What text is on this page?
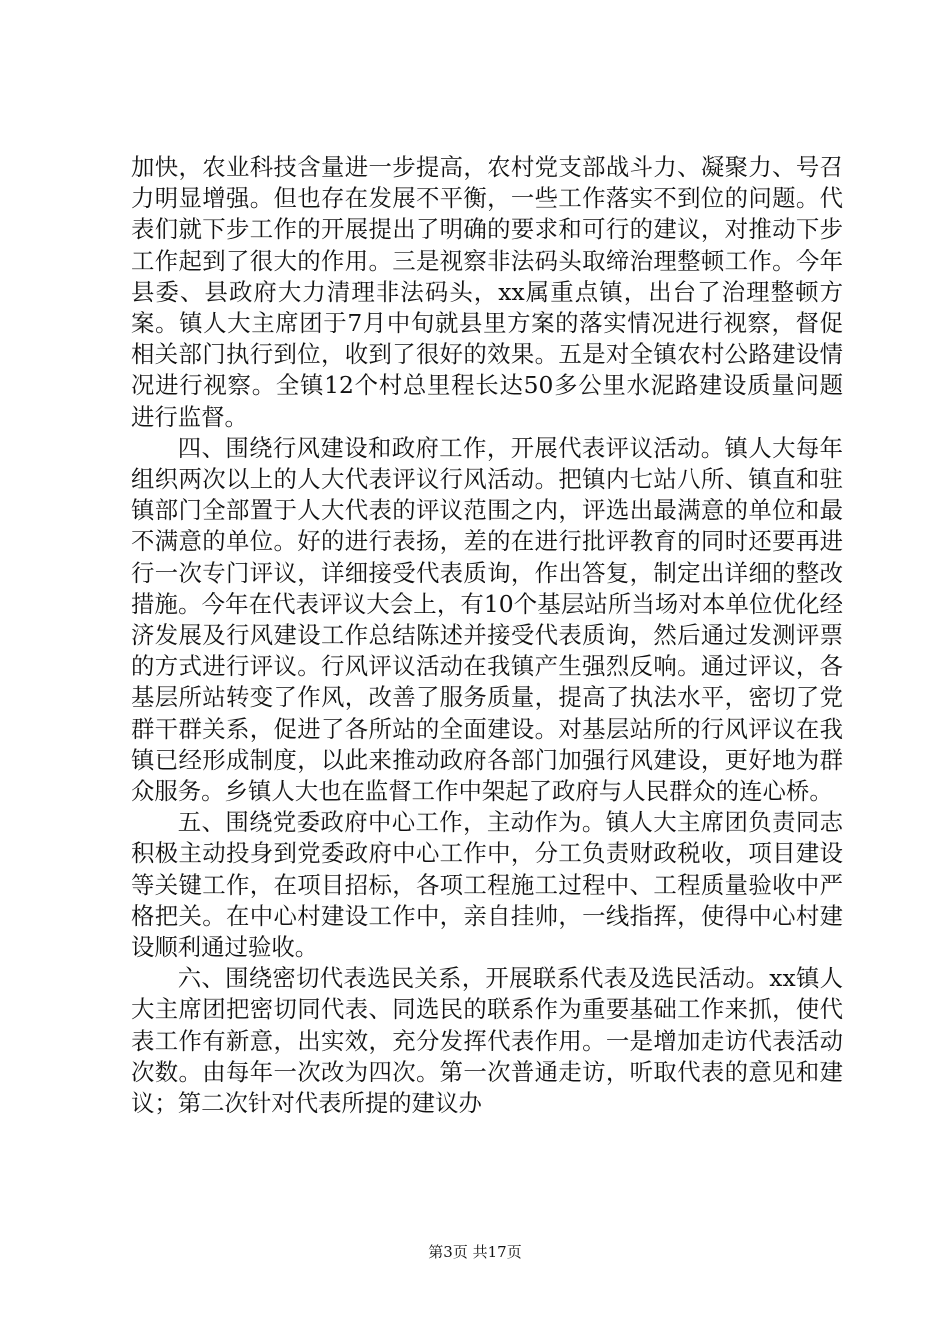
加快，农业科技含量进一步提高，农村党支部战斗力、凝聚力、号召力明显增强。但也存在发展不平衡，一些工作落实不到位的问题。代表们就下步工作的开展提出了明确的要求和可行的建议，对推动下步工作起到了很大的作用。三是视察非法码头取缔治理整顿工作。今年县委、县政府大力清理非法码头，xx属重点镇，出台了治理整顿方案。镇人大主席团于7月中旬就县里方案的落实情况进行视察，督促相关部门执行到位，收到了很好的效果。五是对全镇农村公路建设情况进行视察。全镇12个村总里程长达50多公里水泥路建设质量问题进行监督。

四、围绕行风建设和政府工作，开展代表评议活动。镇人大每年组织两次以上的人大代表评议行风活动。把镇内七站八所、镇直和驻镇部门全部置于人大代表的评议范围之内，评选出最满意的单位和最不满意的单位。好的进行表扬，差的在进行批评教育的同时还要再进行一次专门评议，详细接受代表质询，作出答复，制定出详细的整改措施。今年在代表评议大会上，有10个基层站所当场对本单位优化经济发展及行风建设工作总结陈述并接受代表质询，然后通过发测评票的方式进行评议。行风评议活动在我镇产生强烈反响。通过评议，各基层所站转变了作风，改善了服务质量，提高了执法水平，密切了党群干群关系，促进了各所站的全面建设。对基层站所的行风评议在我镇已经形成制度，以此来推动政府各部门加强行风建设，更好地为群众服务。乡镇人大也在监督工作中架起了政府与人民群众的连心桥。

五、围绕党委政府中心工作，主动作为。镇人大主席团负责同志积极主动投身到党委政府中心工作中，分工负责财政税收，项目建设等关键工作，在项目招标，各项工程施工过程中、工程质量验收中严格把关。在中心村建设工作中，亲自挂帅，一线指挥，使得中心村建设顺利通过验收。

六、围绕密切代表选民关系，开展联系代表及选民活动。xx镇人大主席团把密切同代表、同选民的联系作为重要基础工作来抓，使代表工作有新意，出实效，充分发挥代表作用。一是增加走访代表活动次数。由每年一次改为四次。第一次普通走访，听取代表的意见和建议；第二次针对代表所提的建议办

第3页 共17页
